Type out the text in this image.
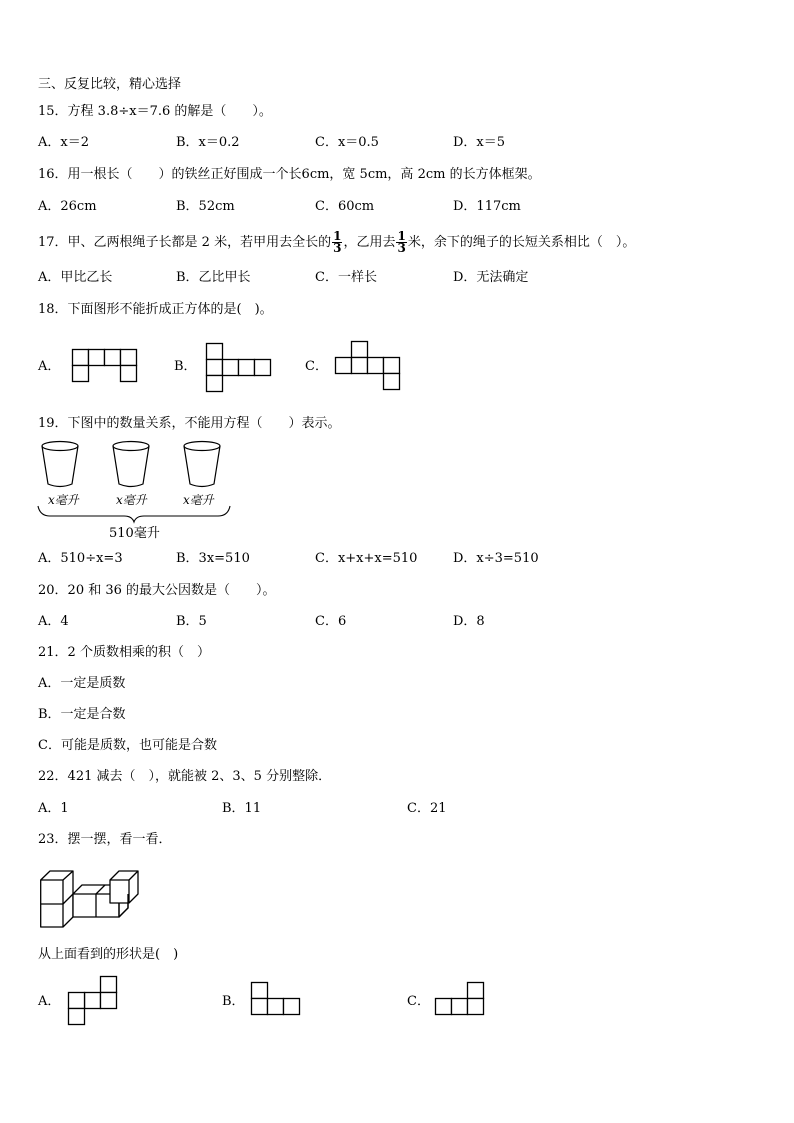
三、反复比较，精心选择
15．方程 3.8÷x＝7.6 的解是（　　）。
A．x＝2	B．x＝0.2	C．x＝0.5	D．x＝5
16．用一根长（　　）的铁丝正好围成一个长6cm，宽 5cm，高 2cm 的长方体框架。
A．26cm	B．52cm	C．60cm	D．117cm
17．甲、乙两根绳子长都是 2 米，若甲用去全长的 $\frac{1}{3}$ ，乙用去 $\frac{1}{3}$ 米，余下的绳子的长短关系相比（　）。
A．甲比乙长	B．乙比甲长	C．一样长	D．无法确定
18．下面图形不能折成正方体的是(　)。
A．	B．	C．
19．下图中的数量关系，不能用方程（　　）表示。
x毫升	x毫升	x毫升
510毫升
A．510÷x=3	B．3x=510	C．x+x+x=510	D．x÷3=510
20．20 和 36 的最大公因数是（　　）。
A．4	B．5	C．6	D．8
21．2 个质数相乘的积（　）
A．一定是质数
B．一定是合数
C．可能是质数，也可能是合数
22．421 减去（　），就能被 2、3、5 分别整除．
A．1	B．11	C．21
23．摆一摆，看一看．
从上面看到的形状是(　)
A．	B．	C．
